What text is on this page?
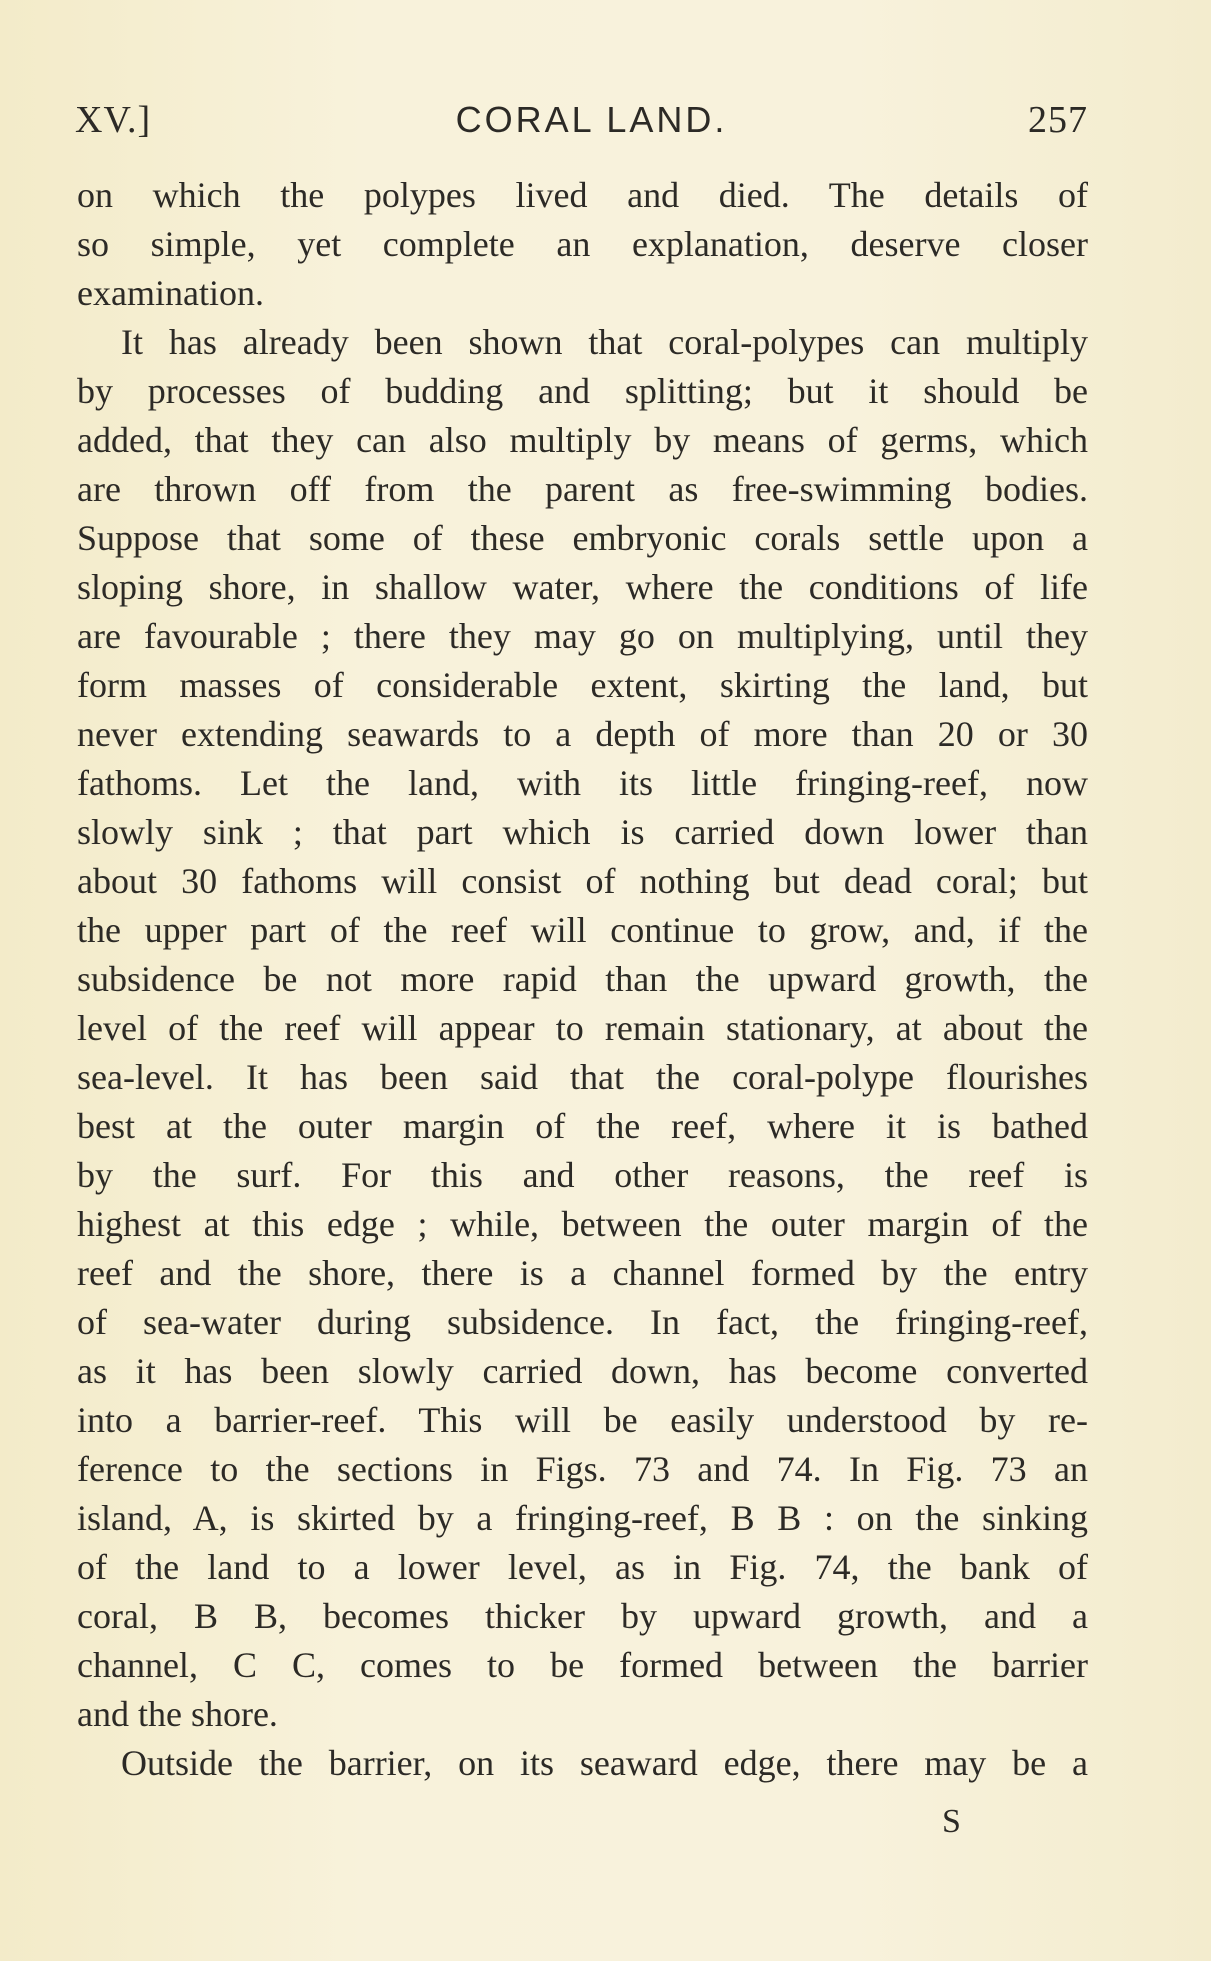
XV.]	CORAL LAND.	257
on which the polypes lived and died. The details of
so simple, yet complete an explanation, deserve closer
examination.
It has already been shown that coral-polypes can multiply
by processes of budding and splitting; but it should be
added, that they can also multiply by means of germs, which
are thrown off from the parent as free-swimming bodies.
Suppose that some of these embryonic corals settle upon a
sloping shore, in shallow water, where the conditions of life
are favourable ; there they may go on multiplying, until they
form masses of considerable extent, skirting the land, but
never extending seawards to a depth of more than 20 or 30
fathoms. Let the land, with its little fringing-reef, now
slowly sink ; that part which is carried down lower than
about 30 fathoms will consist of nothing but dead coral; but
the upper part of the reef will continue to grow, and, if the
subsidence be not more rapid than the upward growth, the
level of the reef will appear to remain stationary, at about the
sea-level. It has been said that the coral-polype flourishes
best at the outer margin of the reef, where it is bathed
by the surf. For this and other reasons, the reef is
highest at this edge ; while, between the outer margin of the
reef and the shore, there is a channel formed by the entry
of sea-water during subsidence. In fact, the fringing-reef,
as it has been slowly carried down, has become converted
into a barrier-reef. This will be easily understood by re-
ference to the sections in Figs. 73 and 74. In Fig. 73 an
island, A, is skirted by a fringing-reef, B B : on the sinking
of the land to a lower level, as in Fig. 74, the bank of
coral, B B, becomes thicker by upward growth, and a
channel, C C, comes to be formed between the barrier
and the shore.
Outside the barrier, on its seaward edge, there may be a
S
